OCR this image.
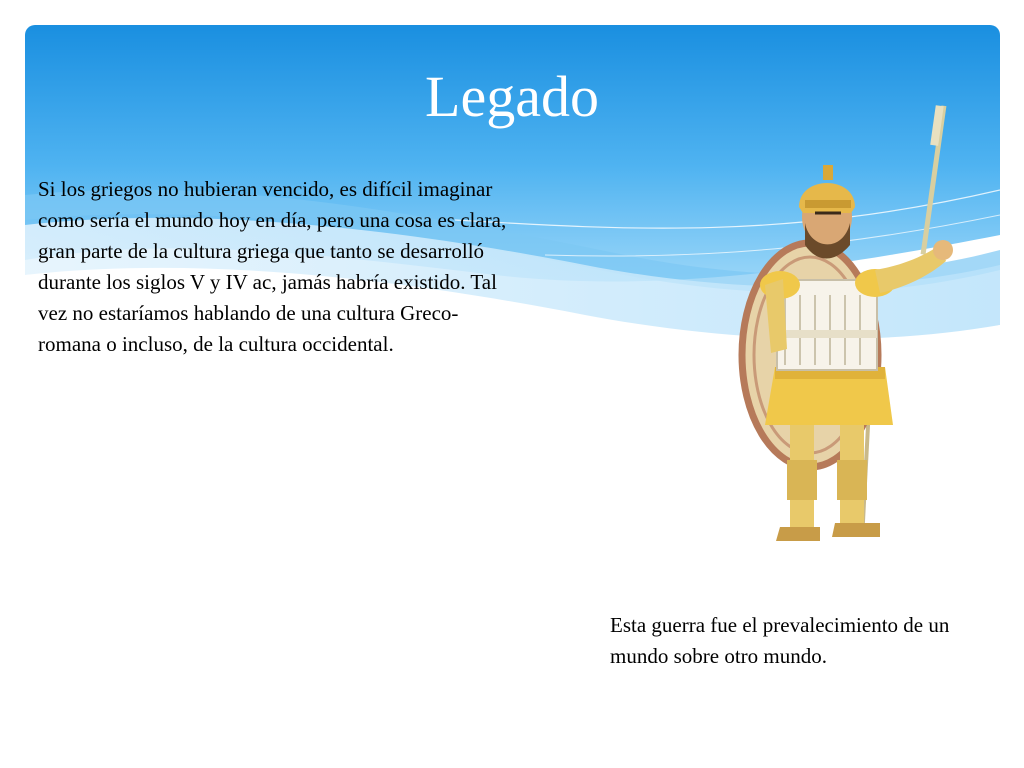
Legado
Si los griegos no hubieran vencido, es difícil imaginar como sería el mundo hoy en día, pero una cosa es clara, gran parte de la cultura griega que tanto se desarrolló durante los siglos V y IV ac, jamás habría existido. Tal vez no estaríamos hablando de una cultura Greco-romana o incluso, de la cultura occidental.
Esta guerra fue el prevalecimiento de un mundo sobre otro mundo.
